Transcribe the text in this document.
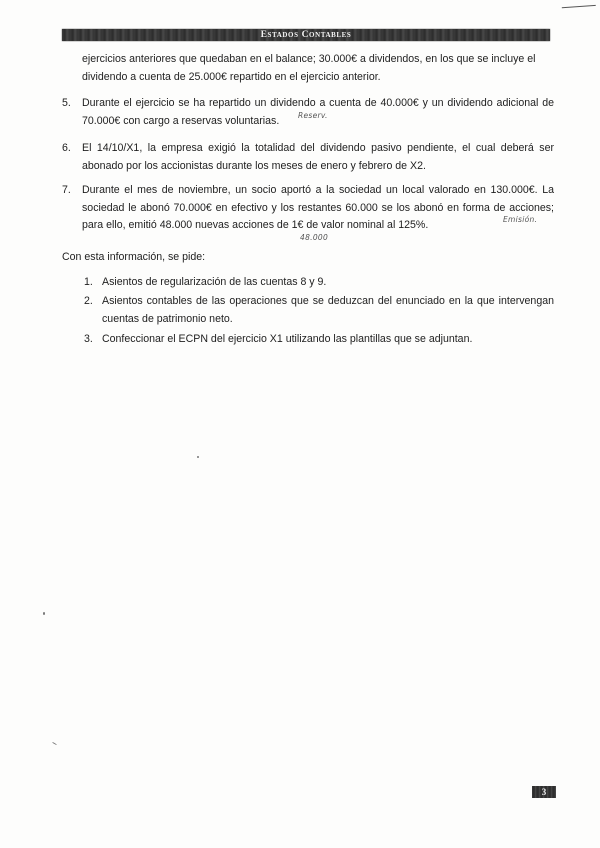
Estados Contables
ejercicios anteriores que quedaban en el balance; 30.000€ a dividendos, en los que se incluye el dividendo a cuenta de 25.000€ repartido en el ejercicio anterior.
5.	Durante el ejercicio se ha repartido un dividendo a cuenta de 40.000€ y un dividendo adicional de 70.000€ con cargo a reservas voluntarias.	Reserv.
6.	El 14/10/X1, la empresa exigió la totalidad del dividendo pasivo pendiente, el cual deberá ser abonado por los accionistas durante los meses de enero y febrero de X2.
7.	Durante el mes de noviembre, un socio aportó a la sociedad un local valorado en 130.000€. La sociedad le abonó 70.000€ en efectivo y los restantes 60.000 se los abonó en forma de acciones; para ello, emitió 48.000 nuevas acciones de 1€ de valor nominal al 125%.	Emisión.
48.000
Con esta información, se pide:
1. Asientos de regularización de las cuentas 8 y 9.
2. Asientos contables de las operaciones que se deduzcan del enunciado en la que intervengan cuentas de patrimonio neto.
3. Confeccionar el ECPN del ejercicio X1 utilizando las plantillas que se adjuntan.
3
